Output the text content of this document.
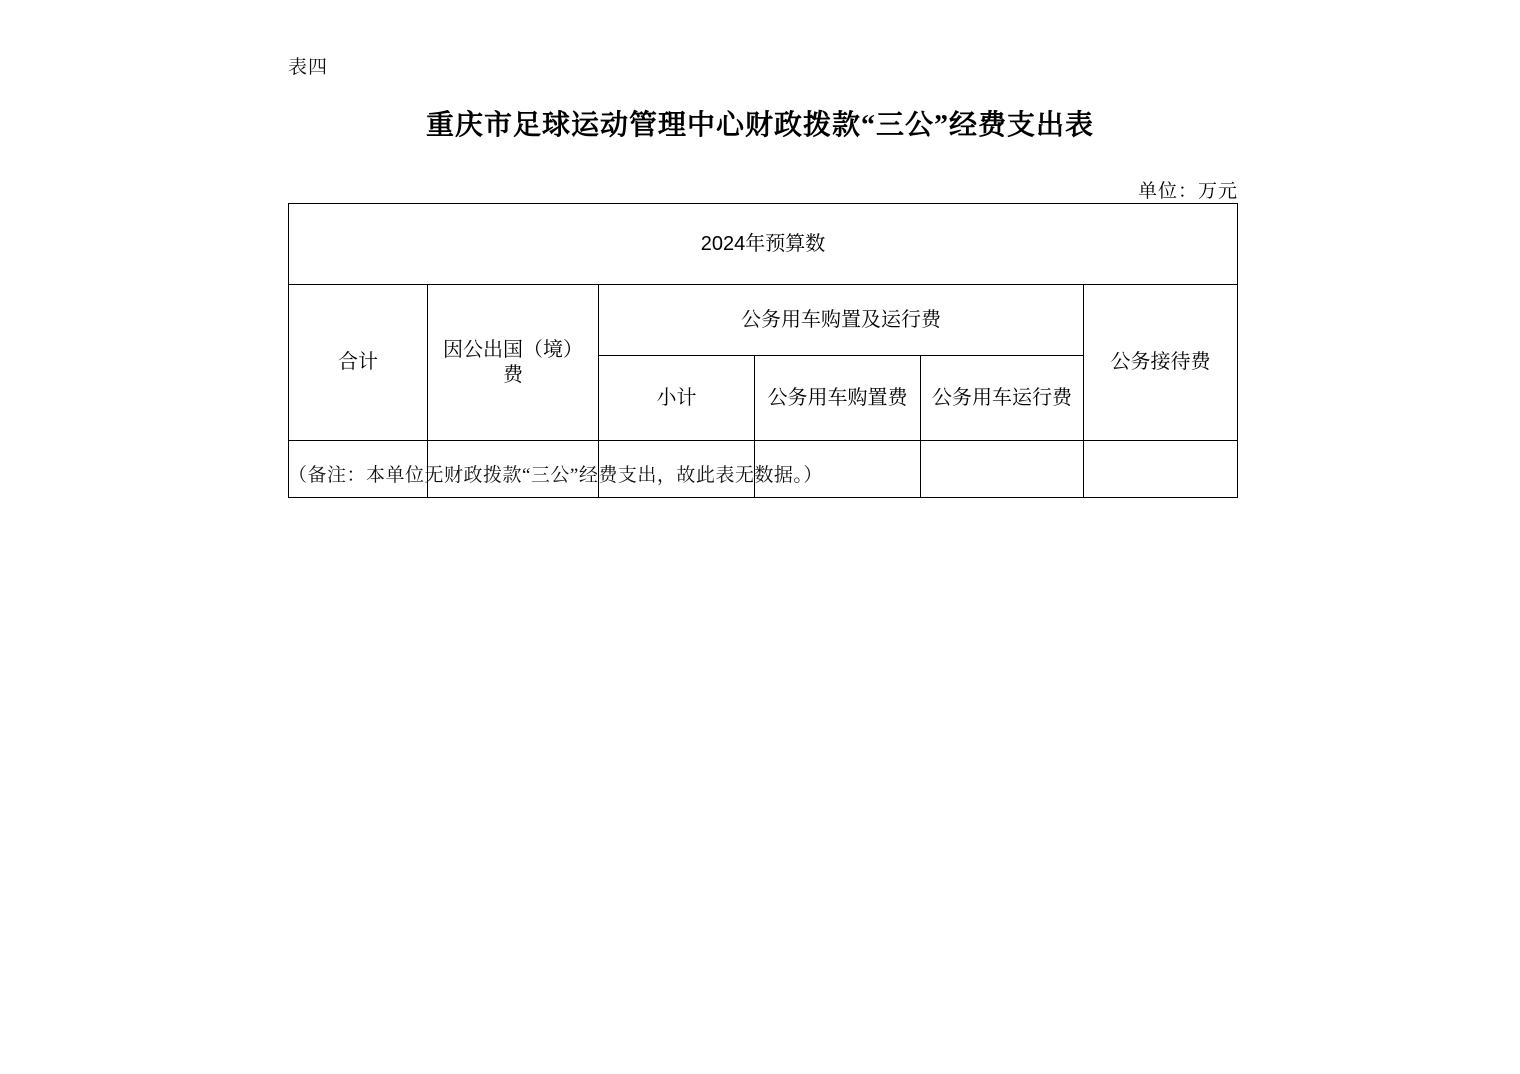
表四
重庆市足球运动管理中心财政拨款“三公”经费支出表
单位：万元
2024年预算数					
合计	因公出国（境）费	公务用车购置及运行费			公务接待费
		小计	公务用车购置费	公务用车运行费	

（备注：本单位无财政拨款“三公”经费支出，故此表无数据。）
